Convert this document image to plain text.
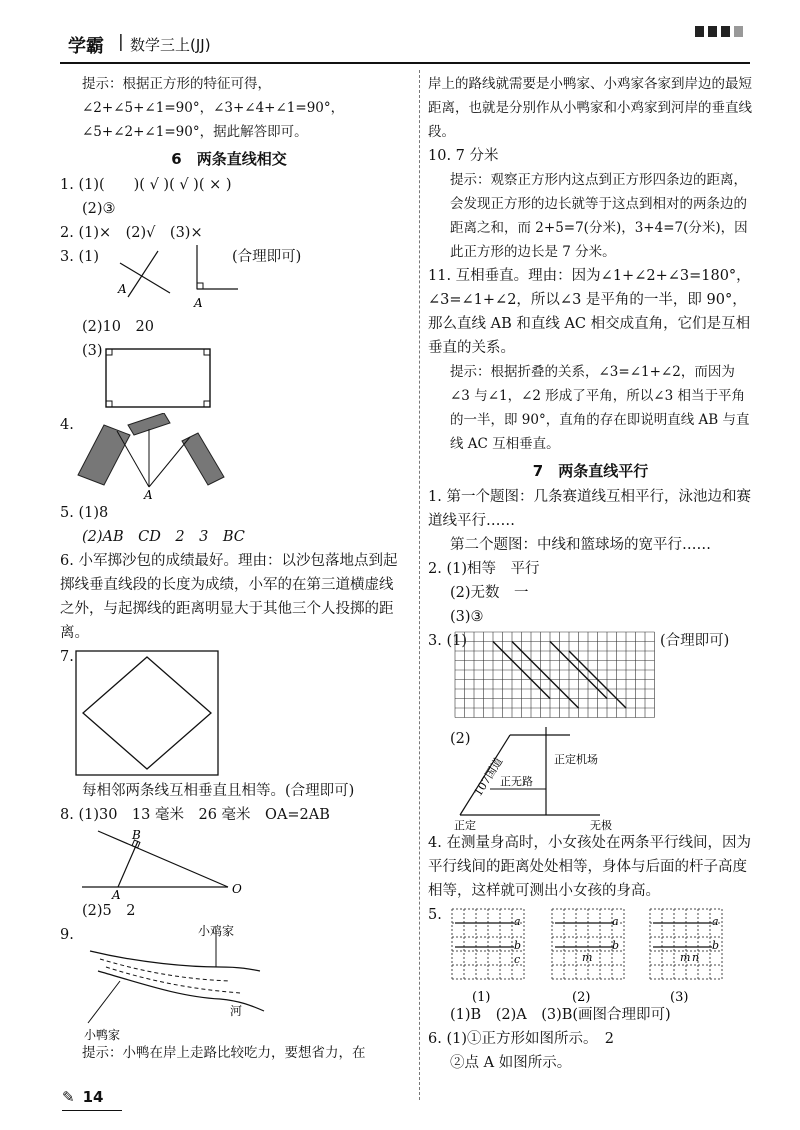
学霸 | 数学三上(JJ)

提示：根据正方形的特征可得，∠2+∠5+∠1=90°，∠3+∠4+∠1=90°，∠5+∠2+∠1=90°，据此解答即可。

6　两条直线相交

1. (1)(　　)( √ )( √ )( × )

(2)③

2. (1)×　(2)√　(3)×

3. (1)	(合理即可)
A
A

(2)10　20

(3)
4.
A

5. (1)8

(2)AB　CD　2　3　BC

6. 小军掷沙包的成绩最好。理由：以沙包落地点到起掷线垂直线段的长度为成绩，小军的在第三道横虚线之外，与起掷线的距离明显大于其他三个人投掷的距离。

7.

每相邻两条线互相垂直且相等。(合理即可)

8. (1)30　13 毫米　26 毫米　OA=2AB

B
A	O

(2)5　2

9.	小鸡家
河
小鸭家

提示：小鸭在岸上走路比较吃力，要想省力，在

岸上的路线就需要是小鸭家、小鸡家各家到岸边的最短距离，也就是分别作从小鸭家和小鸡家到河岸的垂直线段。

10. 7 分米

提示：观察正方形内这点到正方形四条边的距离，会发现正方形的边长就等于这点到相对的两条边的距离之和，而 2+5=7(分米)，3+4=7(分米)，因此正方形的边长是 7 分米。

11. 互相垂直。理由：因为∠1+∠2+∠3=180°，∠3=∠1+∠2，所以∠3 是平角的一半，即 90°，那么直线 AB 和直线 AC 相交成直角，它们是互相垂直的关系。

提示：根据折叠的关系，∠3=∠1+∠2，而因为∠3 与∠1，∠2 形成了平角，所以∠3 相当于平角的一半，即 90°，直角的存在即说明直线 AB 与直线 AC 互相垂直。

7　两条直线平行

1. 第一个题图：几条赛道线互相平行，泳池边和赛道线平行……

第二个题图：中线和篮球场的宽平行……

2. (1)相等　平行

(2)无数　一

(3)③

3. (1)	(合理即可)
(2)
107国道	正定机场
正无路
正定	无极

4. 在测量身高时，小女孩处在两条平行线间，因为平行线间的距离处处相等，身体与后面的杆子高度相等，这样就可测出小女孩的身高。

5.
(1)	(2)	(3)
a
b
c
a
b
m
a
b
m n

(1)B　(2)A　(3)B(画图合理即可)

6. (1)①正方形如图所示。　2

②点 A 如图所示。

✎ 14
